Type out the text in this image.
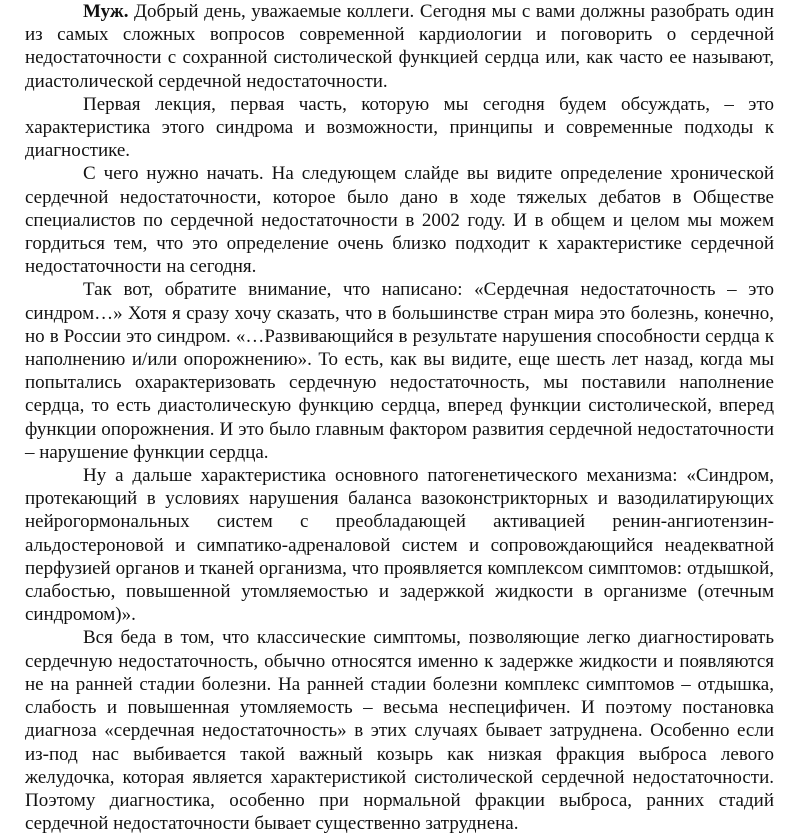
Муж. Добрый день, уважаемые коллеги. Сегодня мы с вами должны разобрать один из самых сложных вопросов современной кардиологии и поговорить о сердечной недостаточности с сохранной систолической функцией сердца или, как часто ее называют, диастолической сердечной недостаточности.

Первая лекция, первая часть, которую мы сегодня будем обсуждать, – это характеристика этого синдрома и возможности, принципы и современные подходы к диагностике.

С чего нужно начать. На следующем слайде вы видите определение хронической сердечной недостаточности, которое было дано в ходе тяжелых дебатов в Обществе специалистов по сердечной недостаточности в 2002 году. И в общем и целом мы можем гордиться тем, что это определение очень близко подходит к характеристике сердечной недостаточности на сегодня.

Так вот, обратите внимание, что написано: «Сердечная недостаточность – это синдром…» Хотя я сразу хочу сказать, что в большинстве стран мира это болезнь, конечно, но в России это синдром. «…Развивающийся в результате нарушения способности сердца к наполнению и/или опорожнению». То есть, как вы видите, еще шесть лет назад, когда мы попытались охарактеризовать сердечную недостаточность, мы поставили наполнение сердца, то есть диастолическую функцию сердца, вперед функции систолической, вперед функции опорожнения. И это было главным фактором развития сердечной недостаточности – нарушение функции сердца.

Ну а дальше характеристика основного патогенетического механизма: «Синдром, протекающий в условиях нарушения баланса вазоконстрикторных и вазодилатирующих нейрогормональных систем с преобладающей активацией ренин-ангиотензин-альдостероновой и симпатико-адреналовой систем и сопровождающийся неадекватной перфузией органов и тканей организма, что проявляется комплексом симптомов: отдышкой, слабостью, повышенной утомляемостью и задержкой жидкости в организме (отечным синдромом)».

Вся беда в том, что классические симптомы, позволяющие легко диагностировать сердечную недостаточность, обычно относятся именно к задержке жидкости и появляются не на ранней стадии болезни. На ранней стадии болезни комплекс симптомов – отдышка, слабость и повышенная утомляемость – весьма неспецифичен. И поэтому постановка диагноза «сердечная недостаточность» в этих случаях бывает затруднена. Особенно если из-под нас выбивается такой важный козырь как низкая фракция выброса левого желудочка, которая является характеристикой систолической сердечной недостаточности. Поэтому диагностика, особенно при нормальной фракции выброса, ранних стадий сердечной недостаточности бывает существенно затруднена.
